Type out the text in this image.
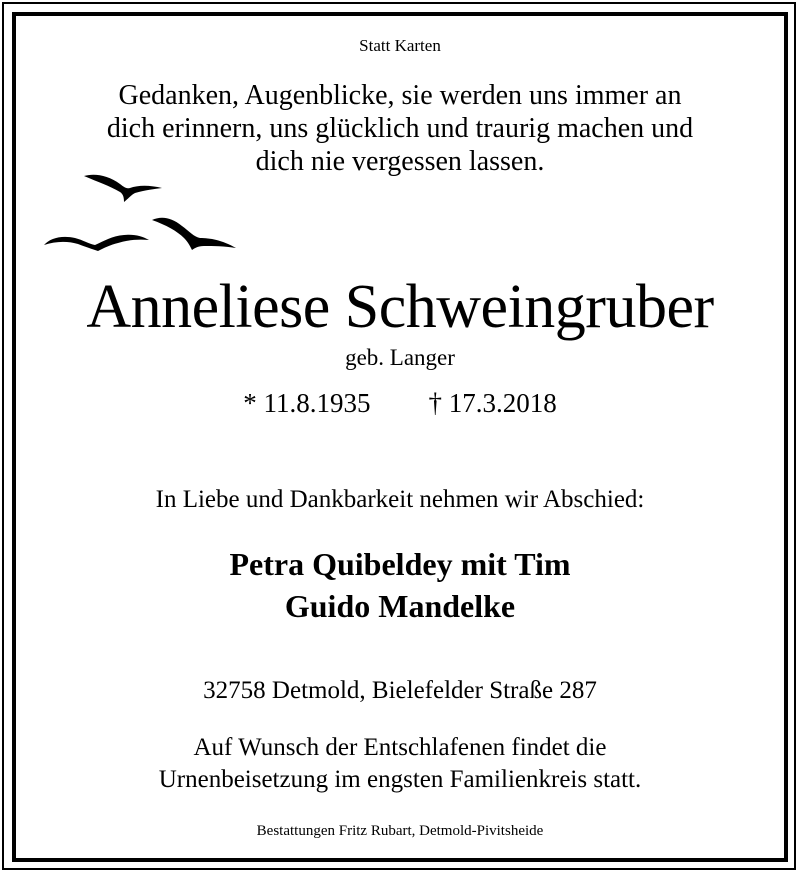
Statt Karten
Gedanken, Augenblicke, sie werden uns immer an
dich erinnern, uns glücklich und traurig machen und
dich nie vergessen lassen.
Anneliese Schweingruber
geb. Langer
* 11.8.1935 † 17.3.2018
In Liebe und Dankbarkeit nehmen wir Abschied:
Petra Quibeldey mit Tim
Guido Mandelke
32758 Detmold, Bielefelder Straße 287
Auf Wunsch der Entschlafenen findet die
Urnenbeisetzung im engsten Familienkreis statt.
Bestattungen Fritz Rubart, Detmold-Pivitsheide
